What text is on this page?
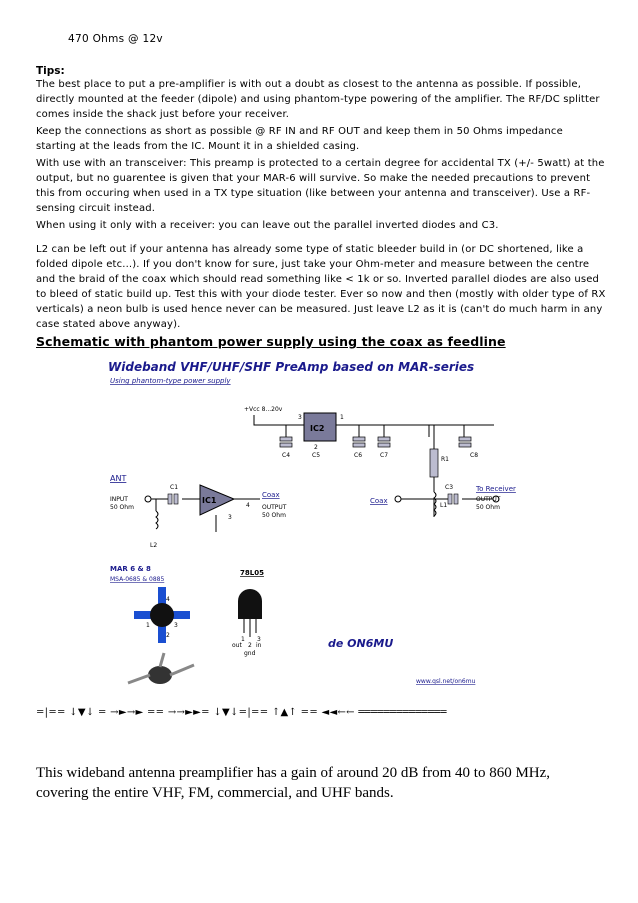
470 Ohms @ 12v
Tips:

The best place to put a pre-amplifier is with out a doubt as closest to the antenna as possible. If possible, directly mounted at the feeder (dipole) and using phantom-type powering of the amplifier. The RF/DC splitter comes inside the shack just before your receiver.

Keep the connections as short as possible @ RF IN and RF OUT and keep them in 50 Ohms impedance starting at the leads from the IC. Mount it in a shielded casing.

With use with an transceiver: This preamp is protected to a certain degree for accidental TX (+/- 5watt) at the output, but no guarentee is given that your MAR-6 will survive. So make the needed precautions to prevent this from occuring when used in a TX type situation (like between your antenna and transceiver). Use a RF-sensing circuit instead.

When using it only with a receiver: you can leave out the parallel inverted diodes and C3.

L2 can be left out if your antenna has already some type of static bleeder build in (or DC shortened, like a folded dipole etc...). If you don't know for sure, just take your Ohm-meter and measure between the centre and the braid of the coax which should read something like < 1k or so. Inverted parallel diodes are also used to bleed of static build up. Test this with your diode tester. Ever so now and then (mostly with older type of RX verticals) a neon bulb is used hence never can be measured. Just leave L2 as it is (can't do much harm in any case stated above anyway).

Schematic with phantom power supply using the coax as feedline
Wideband VHF/UHF/SHF PreAmp based on MAR-series
Using phantom-type power supply
+Vcc 8...20v
IC2
3	1
2
C4	C5	C6	C7	C8
R1
L1
ANT
INPUT
50 Ohm
C1
L2
IC1
3
4
Coax
OUTPUT
50 Ohm
Coax
C3	To Receiver
OUTPUT
50 Ohm
MAR 6 & 8
MSA-0685 & 0885
4
1	3
2
78L05
1 3
out 2 in
gnd
de ON6MU
www.qsl.net/on6mu
=|== ↓▼↓ = →►→► == →→►►= ↓▼↓=|== ↑▲↑ == ◄◄←← ══════════════

This wideband antenna preamplifier has a gain of around 20 dB from 40 to 860 MHz, covering the entire VHF, FM, commercial, and UHF bands.
